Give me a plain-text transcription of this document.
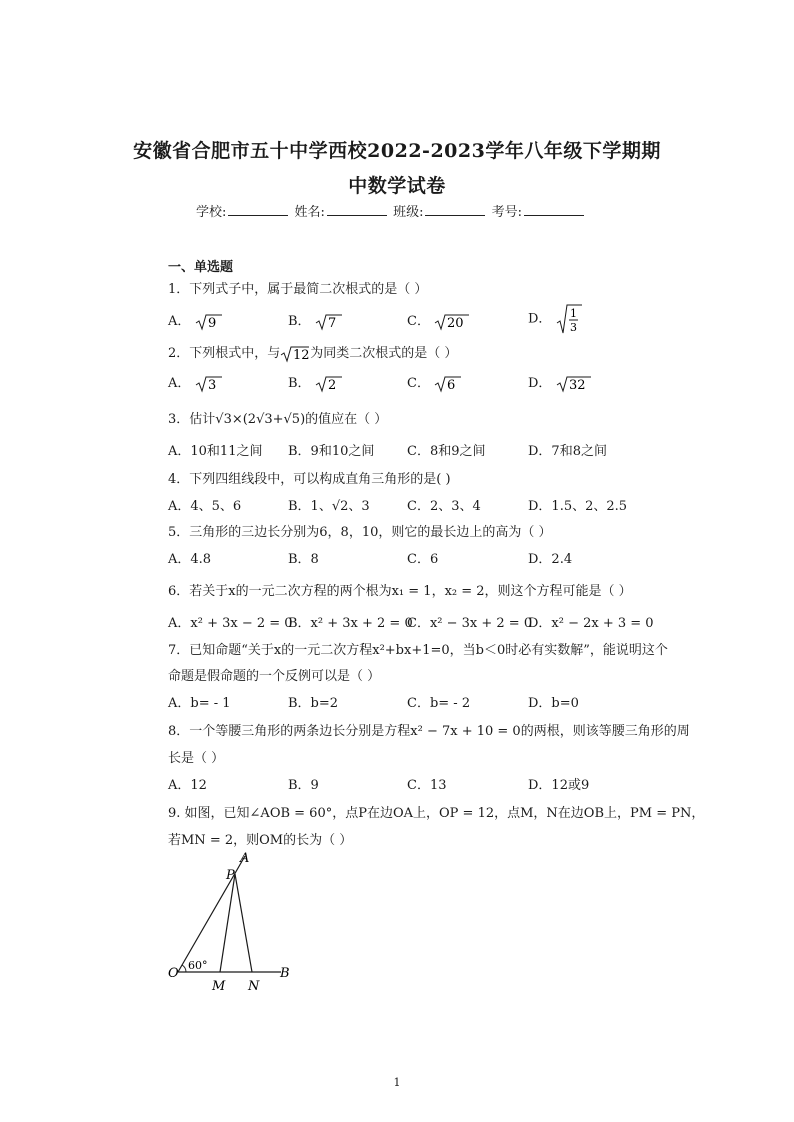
安徽省合肥市五十中学西校2022-2023学年八年级下学期期
中数学试卷
学校:	姓名:	班级:	考号:
一、单选题
1．下列式子中，属于最简二次根式的是（ ）
A． 9	B． 7	C． 20	D． 1
3
2．下列根式中，与 12 为同类二次根式的是（ ）
A． 3	B． 2	C． 6	D． 32
3．估计√3×(2√3+√5)的值应在（ ）
A．10和11之间 B．9和10之间	C．8和9之间	D．7和8之间
4．下列四组线段中，可以构成直角三角形的是( )
A．4、5、6	B．1、√2、3	C．2、3、4	D．1.5、2、2.5
5．三角形的三边长分别为6，8，10，则它的最长边上的高为（ ）
A．4.8	B．8	C．6	D．2.4
6．若关于x的一元二次方程的两个根为x₁ = 1，x₂ = 2，则这个方程可能是（ ）
A．x² + 3x − 2 = 0
B．x² + 3x + 2 = 0
C．x² − 3x + 2 = 0
D．x² − 2x + 3 = 0
7．已知命题“关于x的一元二次方程x²+bx+1=0，当b＜0时必有实数解”，能说明这个
命题是假命题的一个反例可以是（ ）
A．b= - 1	B．b=2	C．b= - 2	D．b=0
8．一个等腰三角形的两条边长分别是方程x² − 7x + 10 = 0的两根，则该等腰三角形的周
长是（ ）
A．12	B．9	C．13	D．12或9
9. 如图，已知∠AOB = 60°，点P在边OA上，OP = 12，点M，N在边OB上，PM = PN，
若MN = 2，则OM的长为（ ）
A
P
O
60°
M N
B
1
